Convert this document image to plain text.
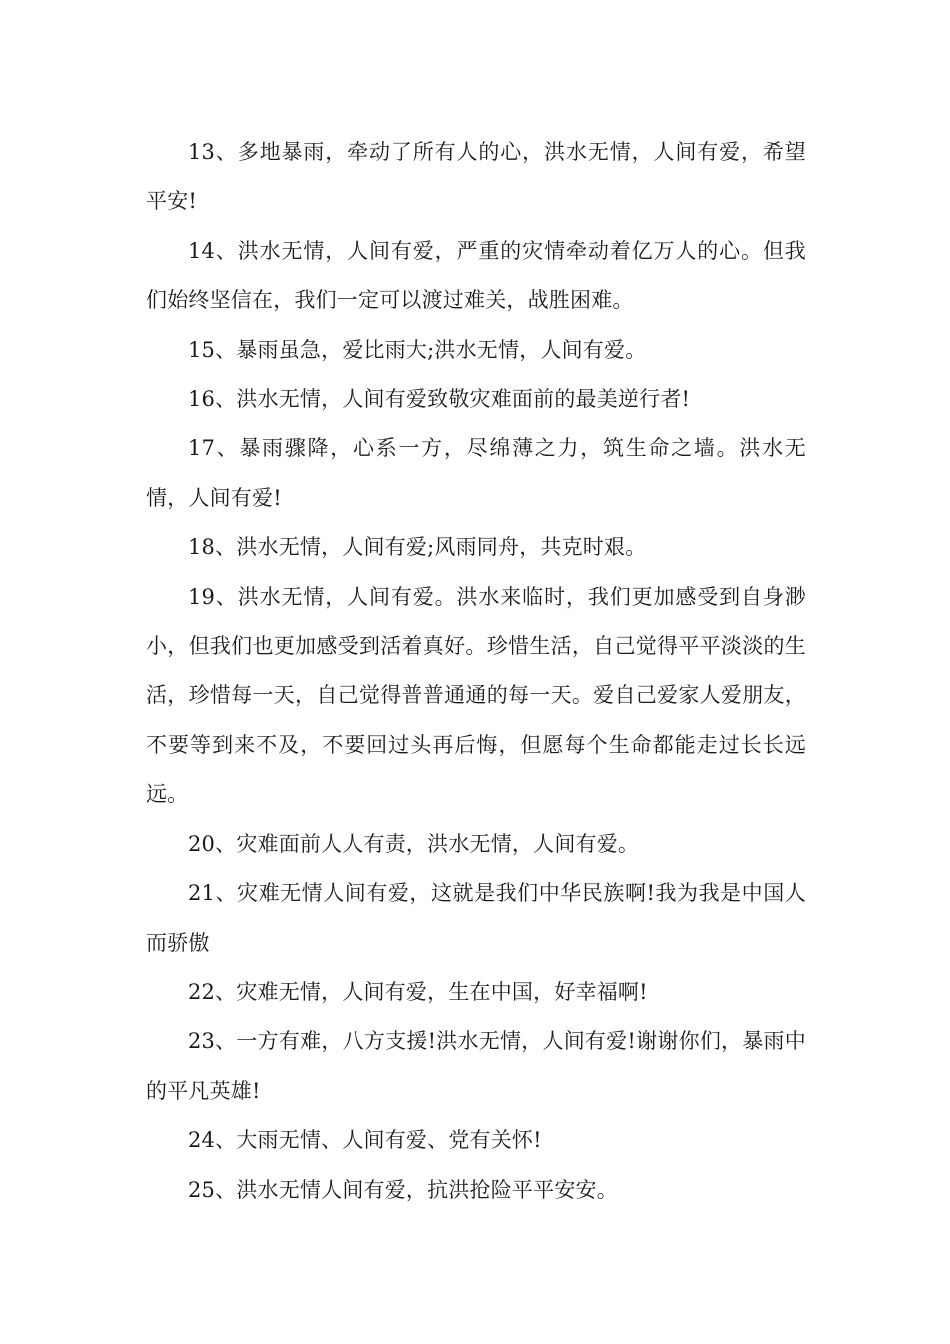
13、多地暴雨，牵动了所有人的心，洪水无情，人间有爱，希望平安!

14、洪水无情，人间有爱，严重的灾情牵动着亿万人的心。但我们始终坚信在，我们一定可以渡过难关，战胜困难。

15、暴雨虽急，爱比雨大;洪水无情，人间有爱。

16、洪水无情，人间有爱致敬灾难面前的最美逆行者!

17、暴雨骤降，心系一方，尽绵薄之力，筑生命之墙。洪水无情，人间有爱!

18、洪水无情，人间有爱;风雨同舟，共克时艰。

19、洪水无情，人间有爱。洪水来临时，我们更加感受到自身渺小，但我们也更加感受到活着真好。珍惜生活，自己觉得平平淡淡的生活，珍惜每一天，自己觉得普普通通的每一天。爱自己爱家人爱朋友，不要等到来不及，不要回过头再后悔，但愿每个生命都能走过长长远远。

20、灾难面前人人有责，洪水无情，人间有爱。

21、灾难无情人间有爱，这就是我们中华民族啊!我为我是中国人而骄傲

22、灾难无情，人间有爱，生在中国，好幸福啊!

23、一方有难，八方支援!洪水无情，人间有爱!谢谢你们，暴雨中的平凡英雄!

24、大雨无情、人间有爱、党有关怀!

25、洪水无情人间有爱，抗洪抢险平平安安。
